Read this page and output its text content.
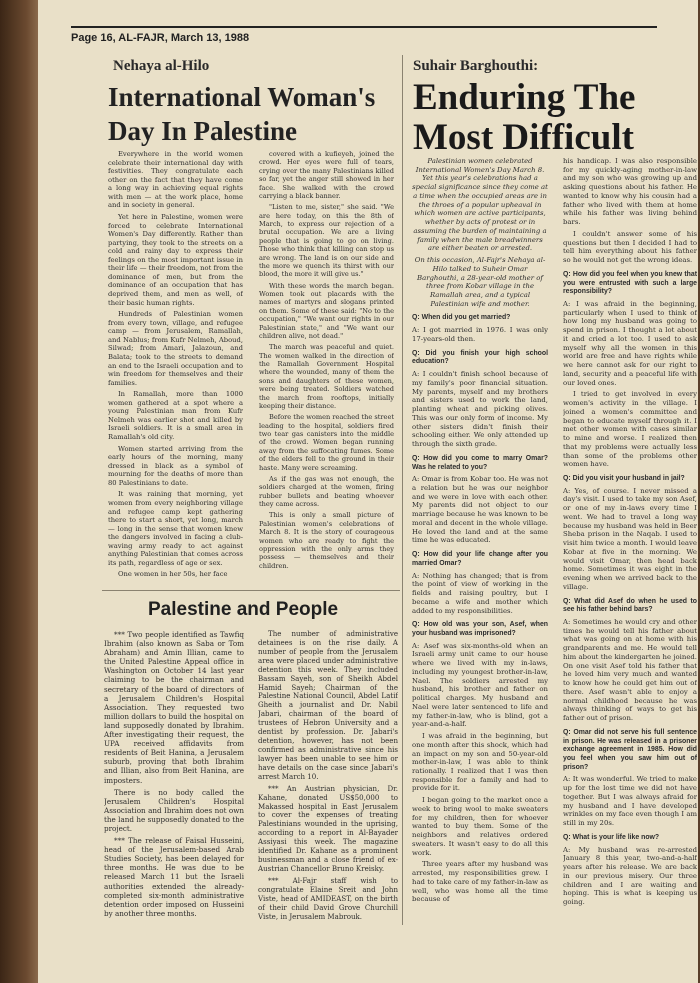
Page 16, AL-FAJR, March 13, 1988
Nehaya al-Hilo
International Woman's Day In Palestine

Everywhere in the world women celebrate their international day with festivities. They congratulate each other on the fact that they have come a long way in achieving equal rights with men — at the work place, home and in society in general.

Yet here in Palestine, women were forced to celebrate International Women's Day differently. Rather than partying, they took to the streets on a cold and rainy day to express their feelings on the most important issue in their life — their freedom, not from the dominance of men, but from the dominance of an occupation that has deprived them, and men as well, of their basic human rights.

Hundreds of Palestinian women from every town, village, and refugee camp — from Jerusalem, Ramallah, and Nablus; from Kufr Nelmeh, Aboud, Silwad; from Amari, Jalazoun, and Balata; took to the streets to demand an end to the Israeli occupation and to win freedom for themselves and their families.

In Ramallah, more than 1000 women gathered at a spot where a young Palestinian man from Kufr Nelmeh was earlier shot and killed by Israeli soldiers. It is a small area in Ramallah's old city.

Women started arriving from the early hours of the morning, many dressed in black as a symbol of mourning for the deaths of more than 80 Palestinians to date.

It was raining that morning, yet women from every neighboring village and refugee camp kept gathering there to start a short, yet long, march — long in the sense that women knew the dangers involved in facing a club-waving army ready to act against anything Palestinian that comes across its path, regardless of age or sex.

One women in her 50s, her face

covered with a kufieyeh, joined the crowd. Her eyes were full of tears, crying over the many Palestinians killed so far, yet the anger still showed in her face. She walked with the crowd carrying a black banner.

"Listen to me, sister," she said. "We are here today, on this the 8th of March, to express our rejection of a brutal occupation. We are a living people that is going to go on living. Those who think that killing can stop us are wrong. The land is on our side and the more we quench its thirst with our blood, the more it will give us."

With these words the march began. Women took out placards with the names of martyrs and slogans printed on them. Some of these said: "No to the occupation," "We want our rights in our Palestinian state," and "We want our children alive, not dead."

The march was peaceful and quiet. The women walked in the direction of the Ramallah Government Hospital where the wounded, many of them the sons and daughters of these women, were being treated. Soldiers watched the march from rooftops, initially keeping their distance.

Before the women reached the street leading to the hospital, soldiers fired two tear gas canisters into the middle of the crowd. Women began running away from the suffocating fumes. Some of the elders fell to the ground in their haste. Many were screaming.

As if the gas was not enough, the soldiers charged at the women, firing rubber bullets and beating whoever they came across.

This is only a small picture of Palestinian women's celebrations of March 8. It is the story of courageous women who are ready to fight the oppression with the only arms they possess — themselves and their children.

Palestine and People

*** Two people identified as Tawfiq Ibrahim (also known as Saba or Tom Abraham) and Amin Illian, came to the United Palestine Appeal office in Washington on October 14 last year claiming to be the chairman and secretary of the board of directors of a Jerusalem Children's Hospital Association. They requested two million dollars to build the hospital on land supposedly donated by Ibrahim. After investigating their request, the UPA received affidavits from residents of Beit Hanina, a Jerusalem suburb, proving that both Ibrahim and Illian, also from Beit Hanina, are imposters.

There is no body called the Jerusalem Children's Hospital Association and Ibrahim does not own the land he supposedly donated to the project.

*** The release of Faisal Husseini, head of the Jerusalem-based Arab Studies Society, has been delayed for three months. He was due to be released March 11 but the Israeli authorities extended the already-completed six-month administrative detention order imposed on Husseini by another three months.

The number of administrative detainees is on the rise daily. A number of people from the Jerusalem area were placed under administrative detention this week. They included Bassam Sayeh, son of Sheikh Abdel Hamid Sayeh; Chairman of the Palestine National Council, Abdel Latif Gheith a journalist and Dr. Nabil Jabari, chairman of the board of trustees of Hebron University and a dentist by profession. Dr. Jabari's detention, however, has not been confirmed as administrative since his lawyer has been unable to see him or have details on the case since Jabari's arrest March 10.

*** An Austrian physician, Dr. Kahane, donated US$50,000 to Makassed hospital in East Jerusalem to cover the expenses of treating Palestinians wounded in the uprising, according to a report in Al-Bayader Assiyasi this week. The magazine identified Dr. Kahane as a prominent businessman and a close friend of ex-Austrian Chancellor Bruno Kreisky.

*** Al-Fajr staff wish to congratulate Elaine Sreit and John Viste, head of AMIDEAST, on the birth of their child David Grove Churchill Viste, in Jerusalem Mabrouk.

Suhair Barghouthi:
Enduring The Most Difficult

Palestinian women celebrated International Women's Day March 8. Yet this year's celebrations had a special significance since they come at a time when the occupied areas are in the throes of a popular upheaval in which women are active participants, whether by acts of protest or in assuming the burden of maintaining a family when the male breadwinners are either beaten or arrested.

On this occasion, Al-Fajr's Nehaya al-Hilo talked to Suheir Omar Barghouthi, a 28-year-old mother of three from Kobar village in the Ramallah area, and a typical Palestinian wife and mother.

Q: When did you get married?

A: I got married in 1976. I was only 17-years-old then.

Q: Did you finish your high school education?

A: I couldn't finish school because of my family's poor financial situation. My parents, myself and my brothers and sisters used to work the land, planting wheat and picking olives. This was our only form of income. My other sisters didn't finish their schooling either. We only attended up through the sixth grade.

Q: How did you come to marry Omar? Was he related to you?

A: Omar is from Kobar too. He was not a relation but he was our neighbor and we were in love with each other. My parents did not object to our marriage because he was known to be moral and decent in the whole village. He loved the land and at the same time he was educated.

Q: How did your life change after you married Omar?

A: Nothing has changed; that is from the point of view of working in the fields and raising poultry, but I became a wife and mother which added to my responsibilities.

Q: How old was your son, Asef, when your husband was imprisoned?

A: Asef was six-months-old when an Israeli army unit came to our house where we lived with my in-laws, including my youngest brother-in-law, Nael. The soldiers arrested my husband, his brother and father on political charges. My husband and Nael were later sentenced to life and my father-in-law, who is blind, got a year-and-a-half.

I was afraid in the beginning, but one month after this shock, which had an impact on my son and 50-year-old mother-in-law, I was able to think rationally. I realized that I was then responsible for a family and had to provide for it.

I began going to the market once a week to bring wool to make sweaters for my children, then for whoever wanted to buy them. Some of the neighbors and relatives ordered sweaters. It wasn't easy to do all this work.

Three years after my husband was arrested, my responsibilities grew. I had to take care of my father-in-law as well, who was home all the time because of

his handicap. I was also responsible for my quickly-aging mother-in-law and my son who was growing up and asking questions about his father. He wanted to know why his cousin had a father who lived with them at home while his father was living behind bars.

I couldn't answer some of his questions but then I decided I had to tell him everything about his father so he would not get the wrong ideas.

Q: How did you feel when you knew that you were entrusted with such a large responsibility?

A: I was afraid in the beginning, particularly when I used to think of how long my husband was going to spend in prison. I thought a lot about it and cried a lot too. I used to ask myself why all the women in this world are free and have rights while we here cannot ask for our right to land, security and a peaceful life with our loved ones.

I tried to get involved in every women's activity in the village. I joined a women's committee and began to educate myself through it. I met other women with cases similar to mine and worse. I realized then that my problems were actually less than some of the problems other women have.

Q: Did you visit your husband in jail?

A: Yes, of course. I never missed a day's visit. I used to take my son Asef, or one of my in-laws every time I went. We had to travel a long way because my husband was held in Beer Sheba prison in the Naqab. I used to visit him twice a month. I would leave Kobar at five in the morning. We would visit Omar, then head back home. Sometimes it was eight in the evening when we arrived back to the village.

Q: What did Asef do when he used to see his father behind bars?

A: Sometimes he would cry and other times he would tell his father about what was going on at home with his grandparents and me. He would tell him about the kindergarten he joined. On one visit Asef told his father that he loved him very much and wanted to know how he could get him out of there. Asef wasn't able to enjoy a normal childhood because he was always thinking of ways to get his father out of prison.

Q: Omar did not serve his full sentence in prison. He was released in a prisoner exchange agreement in 1985. How did you feel when you saw him out of prison?

A: It was wonderful. We tried to make up for the lost time we did not have together. But I was always afraid for my husband and I have developed wrinkles on my face even though I am still in my 20s.

Q: What is your life like now?

A: My husband was re-arrested January 8 this year, two-and-a-half years after his release. We are back in our previous misery. Our three children and I are waiting and hoping. This is what is keeping us going.
